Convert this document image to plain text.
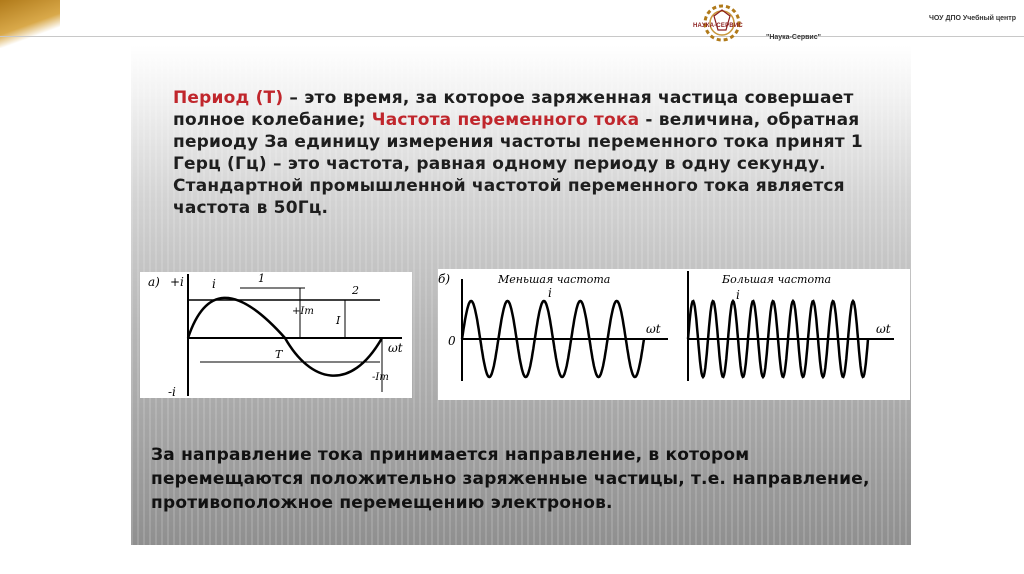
НАУКА-СЕРВИС
ЧОУ ДПО Учебный центр
"Наука-Сервис"
Период (Т) – это время, за которое заряженная частица совершает полное колебание; Частота переменного тока - величина, обратная периоду За единицу измерения частоты переменного тока принят 1 Герц (Гц) – это частота, равная одному периоду в одну секунду. Стандартной промышленной частотой переменного тока является частота в 50Гц.
а) +i
-i
i	1
2
+Iт
I
T
-Iт
ωt
б)	Меньшая частота	Большая частота
i	i
0
ωt	ωt
За направление тока принимается направление, в котором перемещаются положительно заряженные частицы, т.е. направление, противоположное перемещению электронов.
